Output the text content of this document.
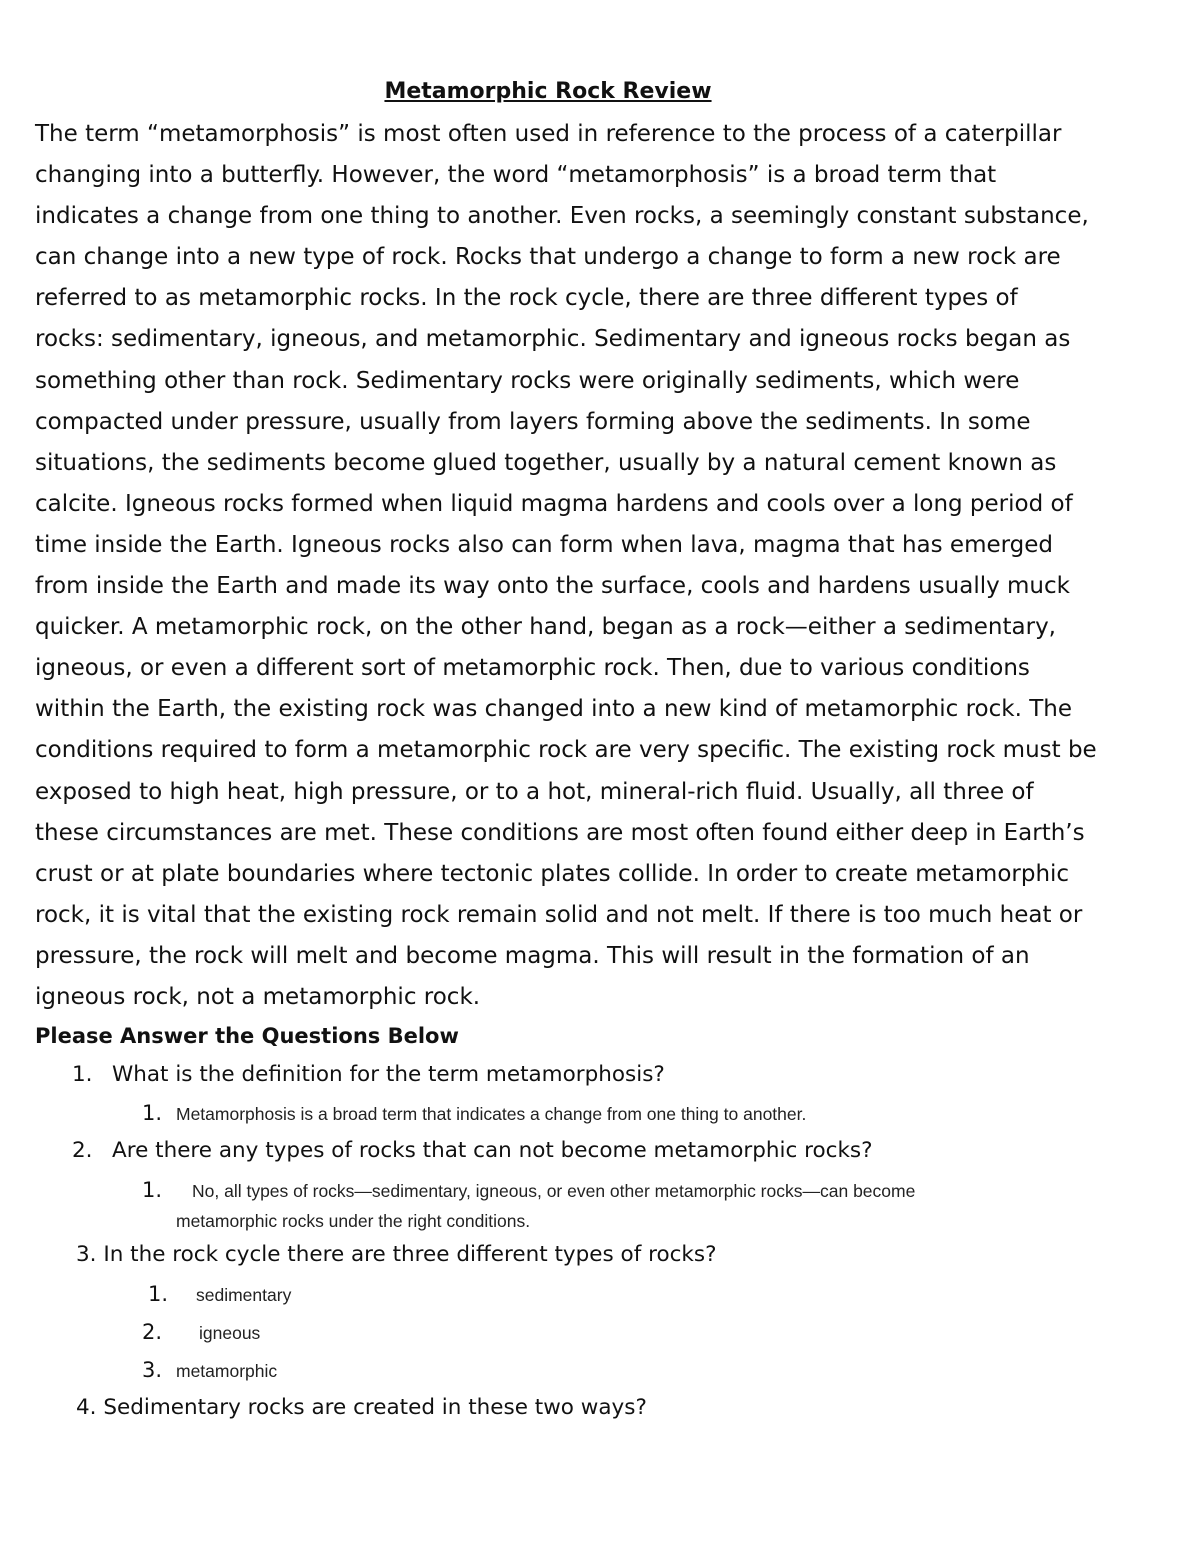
Metamorphic Rock Review
The term “metamorphosis” is most often used in reference to the process of a caterpillar
changing into a butterfly. However, the word “metamorphosis” is a broad term that
indicates a change from one thing to another. Even rocks, a seemingly constant substance,
can change into a new type of rock. Rocks that undergo a change to form a new rock are
referred to as metamorphic rocks. In the rock cycle, there are three different types of
rocks: sedimentary, igneous, and metamorphic. Sedimentary and igneous rocks began as
something other than rock. Sedimentary rocks were originally sediments, which were
compacted under pressure, usually from layers forming above the sediments. In some
situations, the sediments become glued together, usually by a natural cement known as
calcite. Igneous rocks formed when liquid magma hardens and cools over a long period of
time inside the Earth. Igneous rocks also can form when lava, magma that has emerged
from inside the Earth and made its way onto the surface, cools and hardens usually muck
quicker. A metamorphic rock, on the other hand, began as a rock—either a sedimentary,
igneous, or even a different sort of metamorphic rock. Then, due to various conditions
within the Earth, the existing rock was changed into a new kind of metamorphic rock. The
conditions required to form a metamorphic rock are very specific. The existing rock must be
exposed to high heat, high pressure, or to a hot, mineral-rich fluid. Usually, all three of
these circumstances are met. These conditions are most often found either deep in Earth’s
crust or at plate boundaries where tectonic plates collide. In order to create metamorphic
rock, it is vital that the existing rock remain solid and not melt. If there is too much heat or
pressure, the rock will melt and become magma. This will result in the formation of an
igneous rock, not a metamorphic rock.
Please Answer the Questions Below
1. What is the definition for the term metamorphosis?
1. Metamorphosis is a broad term that indicates a change from one thing to another.
2. Are there any types of rocks that can not become metamorphic rocks?
1. No, all types of rocks—sedimentary, igneous, or even other metamorphic rocks—can become
metamorphic rocks under the right conditions.
3. In the rock cycle there are three different types of rocks?
1. sedimentary
2. igneous
3. metamorphic
4. Sedimentary rocks are created in these two ways?
